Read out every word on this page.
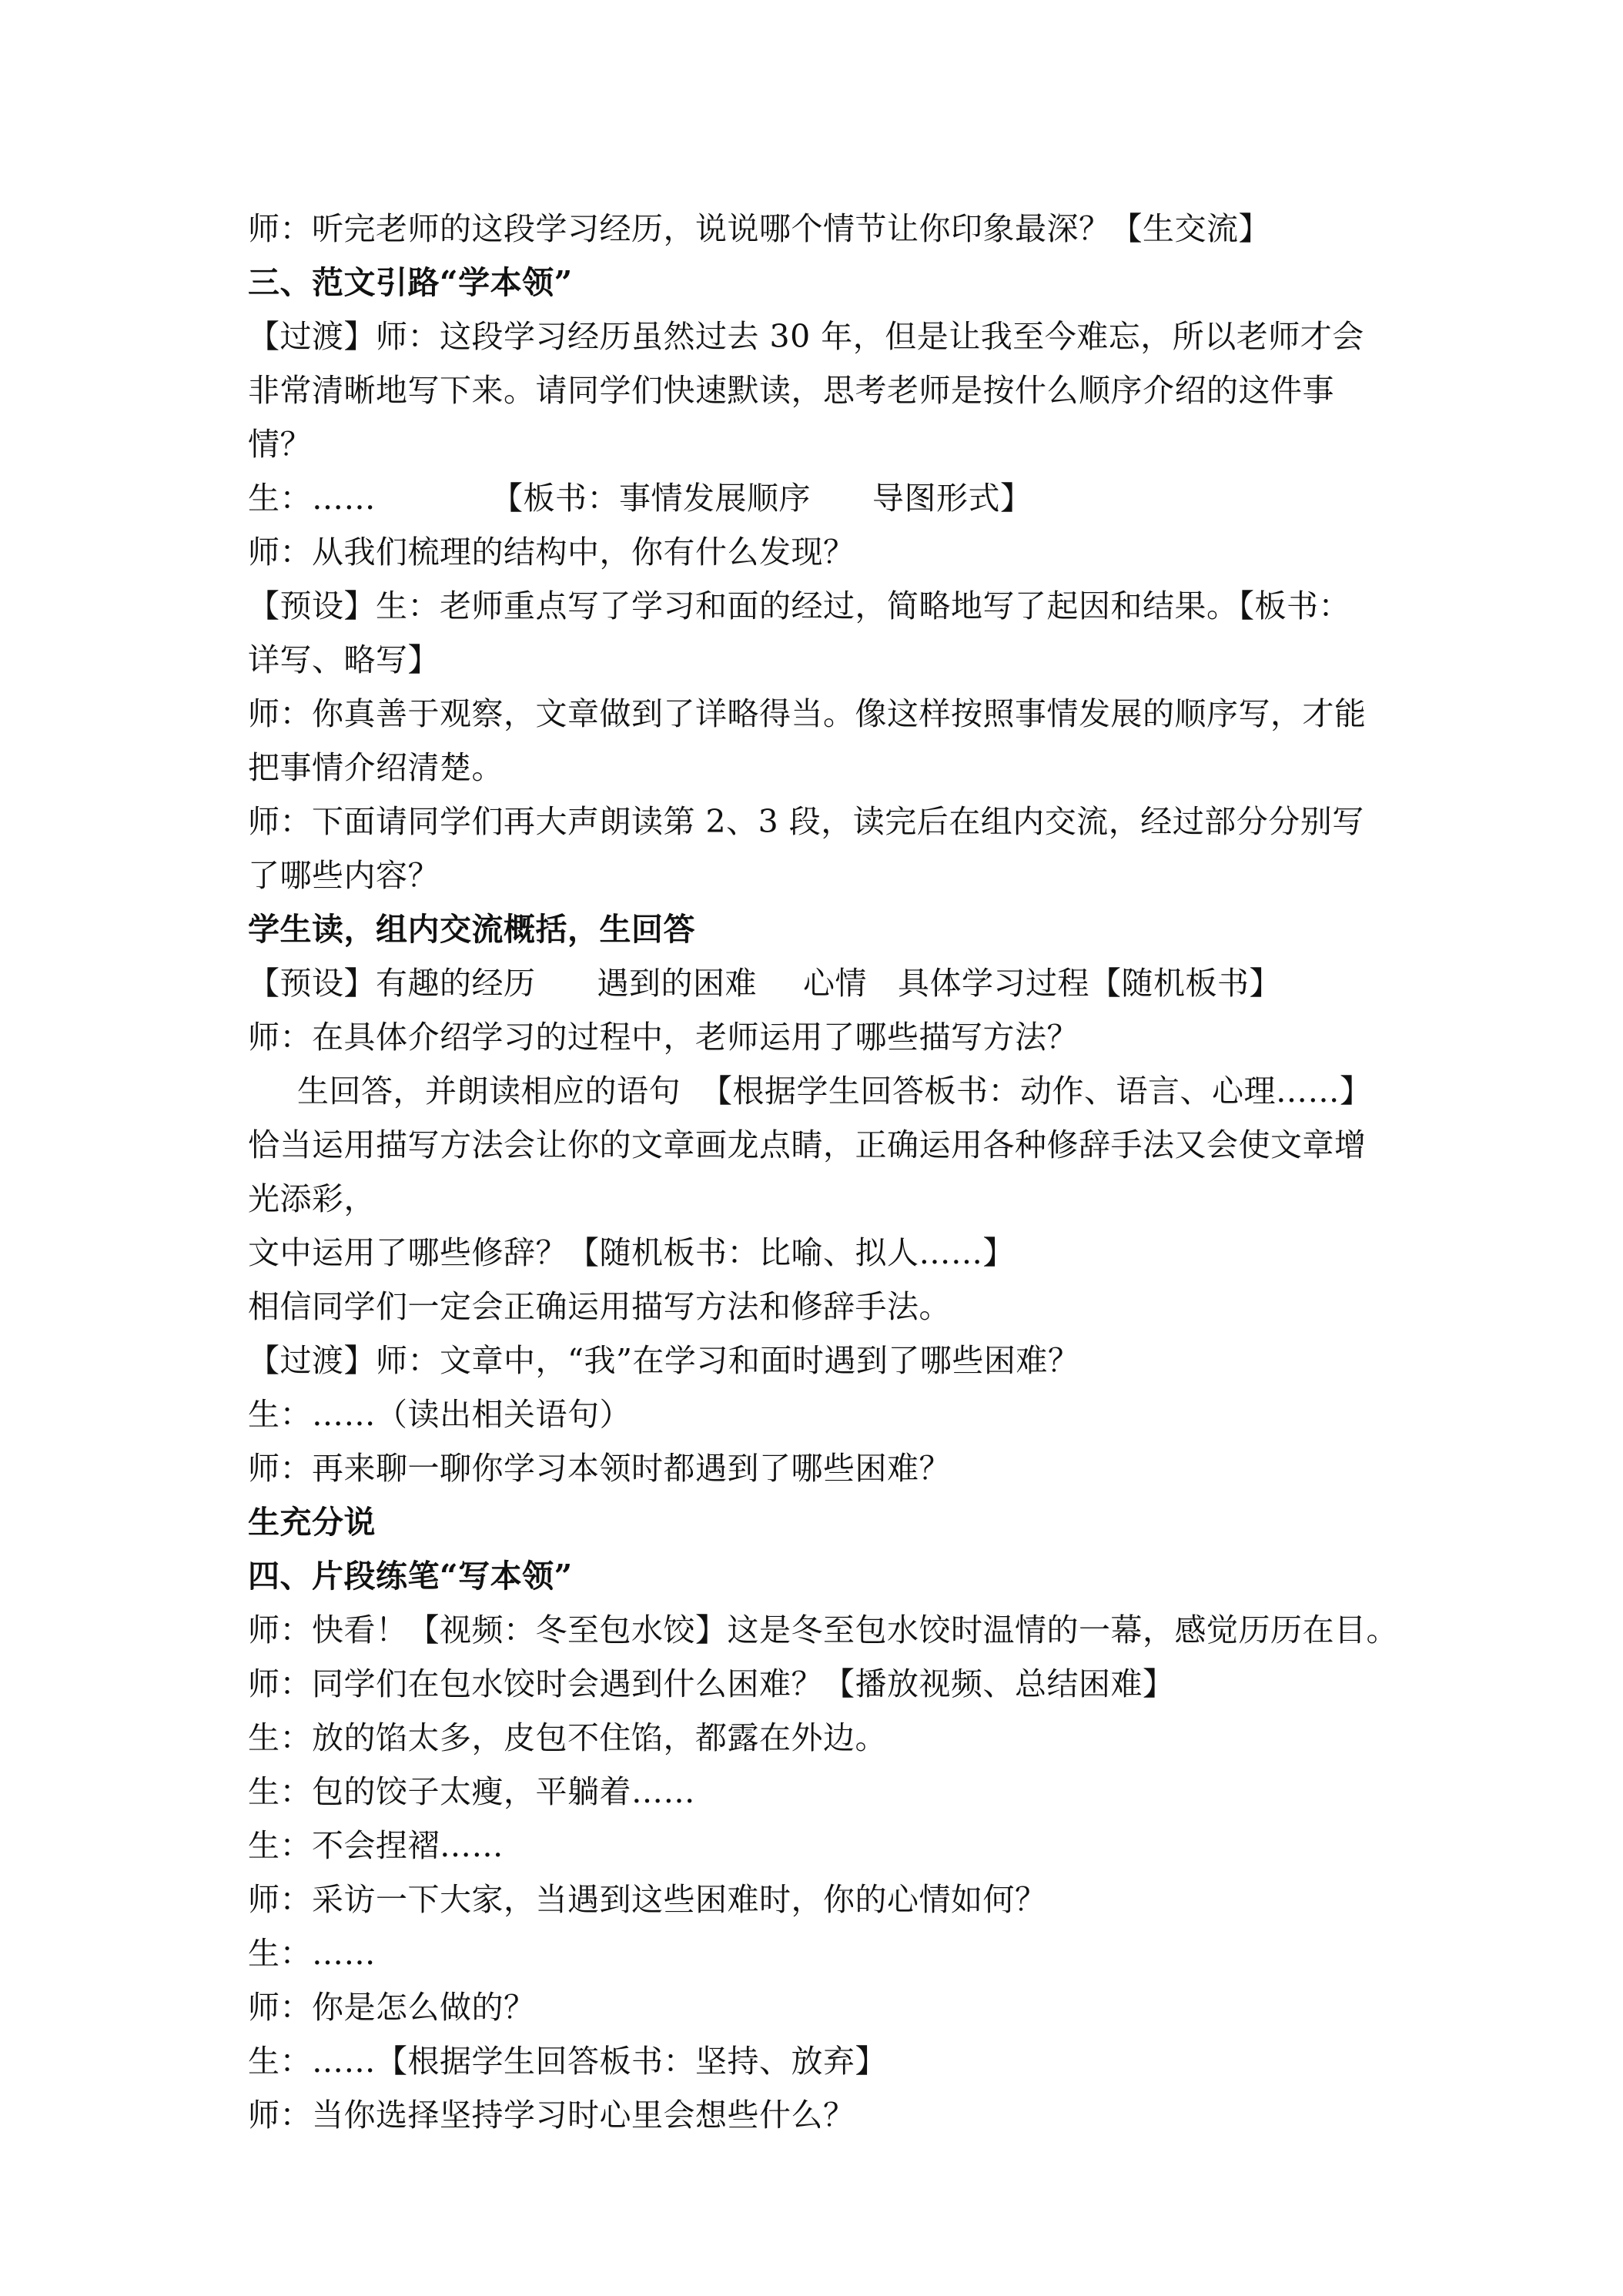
师：听完老师的这段学习经历，说说哪个情节让你印象最深？【生交流】
三、范文引路“学本领”
【过渡】师：这段学习经历虽然过去 30 年，但是让我至今难忘，所以老师才会
非常清晰地写下来。请同学们快速默读，思考老师是按什么顺序介绍的这件事
情？
生：……	【板书：事情发展顺序 导图形式】
师：从我们梳理的结构中，你有什么发现？
【预设】生：老师重点写了学习和面的经过，简略地写了起因和结果。【板书：
详写、略写】
师：你真善于观察，文章做到了详略得当。像这样按照事情发展的顺序写，才能
把事情介绍清楚。
师：下面请同学们再大声朗读第 2、3 段，读完后在组内交流，经过部分分别写
了哪些内容？
学生读，组内交流概括，生回答
【预设】有趣的经历 遇到的困难 心情 具体学习过程【随机板书】
师：在具体介绍学习的过程中，老师运用了哪些描写方法？
生回答，并朗读相应的语句 【根据学生回答板书：动作、语言、心理……】
恰当运用描写方法会让你的文章画龙点睛，正确运用各种修辞手法又会使文章增
光添彩，
文中运用了哪些修辞？【随机板书：比喻、拟人……】
相信同学们一定会正确运用描写方法和修辞手法。
【过渡】师：文章中，“我”在学习和面时遇到了哪些困难？
生：……（读出相关语句）
师：再来聊一聊你学习本领时都遇到了哪些困难？
生充分说
四、片段练笔“写本领”
师：快看！【视频：冬至包水饺】这是冬至包水饺时温情的一幕，感觉历历在目。
师：同学们在包水饺时会遇到什么困难？【播放视频、总结困难】
生：放的馅太多，皮包不住馅，都露在外边。
生：包的饺子太瘦，平躺着……
生：不会捏褶……
师：采访一下大家，当遇到这些困难时，你的心情如何？
生：……
师：你是怎么做的？
生：……【根据学生回答板书：坚持、放弃】
师：当你选择坚持学习时心里会想些什么？
